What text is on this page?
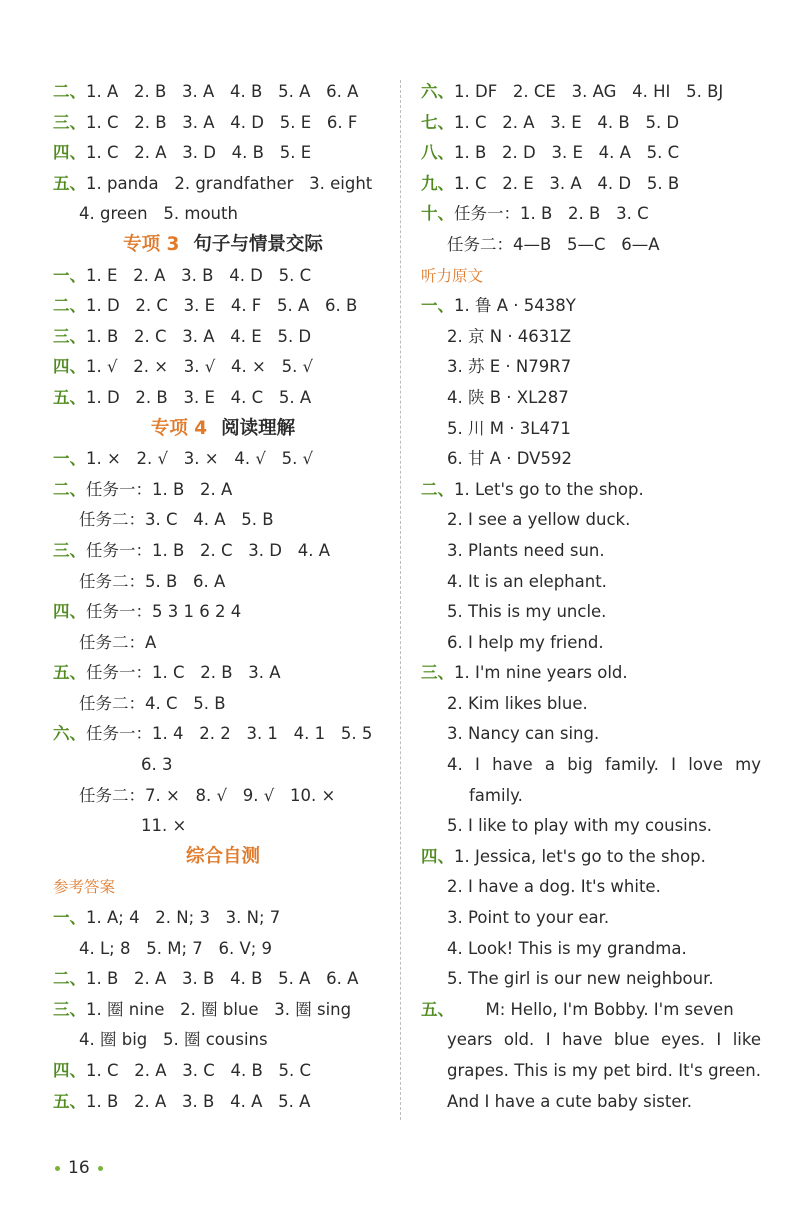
二、1. A   2. B   3. A   4. B   5. A   6. A
三、1. C   2. B   3. A   4. D   5. E   6. F
四、1. C   2. A   3. D   4. B   5. E
五、1. panda   2. grandfather   3. eight
4. green   5. mouth
专项 3 句子与情景交际
一、1. E   2. A   3. B   4. D   5. C
二、1. D   2. C   3. E   4. F   5. A   6. B
三、1. B   2. C   3. A   4. E   5. D
四、1. √   2. ×   3. √   4. ×   5. √
五、1. D   2. B   3. E   4. C   5. A
专项 4 阅读理解
一、1. ×   2. √   3. ×   4. √   5. √
二、任务一：1. B   2. A
任务二：3. C   4. A   5. B
三、任务一：1. B   2. C   3. D   4. A
任务二：5. B   6. A
四、任务一：5 3 1 6 2 4
任务二：A
五、任务一：1. C   2. B   3. A
任务二：4. C   5. B
六、任务一：1. 4   2. 2   3. 1   4. 1   5. 5
6. 3
任务二：7. ×   8. √   9. √   10. ×
11. ×
综合自测
参考答案
一、1. A; 4   2. N; 3   3. N; 7
4. L; 8   5. M; 7   6. V; 9
二、1. B   2. A   3. B   4. B   5. A   6. A
三、1. 圈 nine   2. 圈 blue   3. 圈 sing
4. 圈 big   5. 圈 cousins
四、1. C   2. A   3. C   4. B   5. C
五、1. B   2. A   3. B   4. A   5. A
六、1. DF   2. CE   3. AG   4. HI   5. BJ
七、1. C   2. A   3. E   4. B   5. D
八、1. B   2. D   3. E   4. A   5. C
九、1. C   2. E   3. A   4. D   5. B
十、任务一：1. B   2. B   3. C
任务二：4—B   5—C   6—A
听力原文
一、1. 鲁 A · 5438Y
2. 京 N · 4631Z
3. 苏 E · N79R7
4. 陕 B · XL287
5. 川 M · 3L471
6. 甘 A · DV592
二、1. Let's go to the shop.
2. I see a yellow duck.
3. Plants need sun.
4. It is an elephant.
5. This is my uncle.
6. I help my friend.
三、1. I'm nine years old.
2. Kim likes blue.
3. Nancy can sing.
4. I have a big family. I love my
family.
5. I like to play with my cousins.
四、1. Jessica, let's go to the shop.
2. I have a dog. It's white.
3. Point to your ear.
4. Look! This is my grandma.
5. The girl is our new neighbour.
五、      M: Hello, I'm Bobby. I'm seven
years old. I have blue eyes. I like
grapes. This is my pet bird. It's green.
And I have a cute baby sister.
16
